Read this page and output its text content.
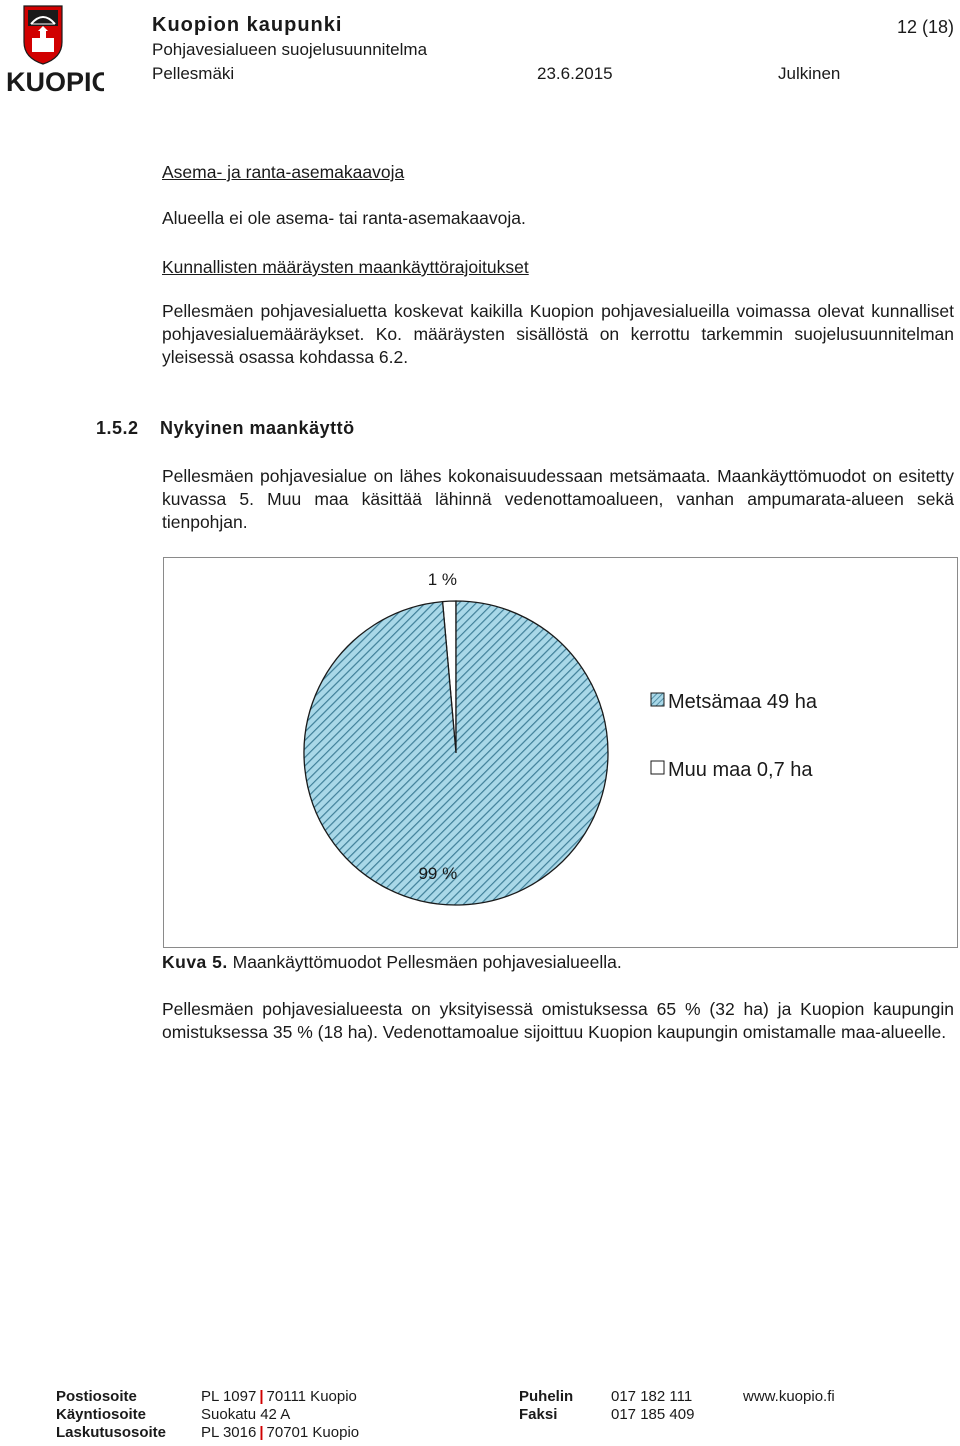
KUOPIO
Kuopion kaupunki
Pohjavesialueen suojelusuunnitelma
Pellesmäki	23.6.2015	Julkinen
12 (18)
Asema- ja ranta-asemakaavoja
Alueella ei ole asema- tai ranta-asemakaavoja.
Kunnallisten määräysten maankäyttörajoitukset
Pellesmäen pohjavesialuetta koskevat kaikilla Kuopion pohjavesialueilla voimassa olevat kunnalliset pohjavesialuemääräykset. Ko. määräysten sisällöstä on kerrottu tarkemmin suojelusuunnitelman yleisessä osassa kohdassa 6.2.
1.5.2 Nykyinen maankäyttö
Pellesmäen pohjavesialue on lähes kokonaisuudessaan metsämaata. Maankäyttömuodot on esitetty kuvassa 5. Muu maa käsittää lähinnä vedenottamoalueen, vanhan ampumarata-alueen sekä tienpohjan.
1 %
99 %
Metsämaa 49 ha
Muu maa 0,7 ha
Kuva 5. Maankäyttömuodot Pellesmäen pohjavesialueella.
Pellesmäen pohjavesialueesta on yksityisessä omistuksessa 65 % (32 ha) ja Kuopion kaupungin omistuksessa 35 % (18 ha). Vedenottamoalue sijoittuu Kuopion kaupungin omistamalle maa-alueelle.
Postiosoite	PL 1097 | 70111 Kuopio
Käyntiosoite	Suokatu 42 A
Laskutusosoite PL 3016 | 70701 Kuopio
Puhelin	017 182 111
Faksi	017 185 409
www.kuopio.fi
